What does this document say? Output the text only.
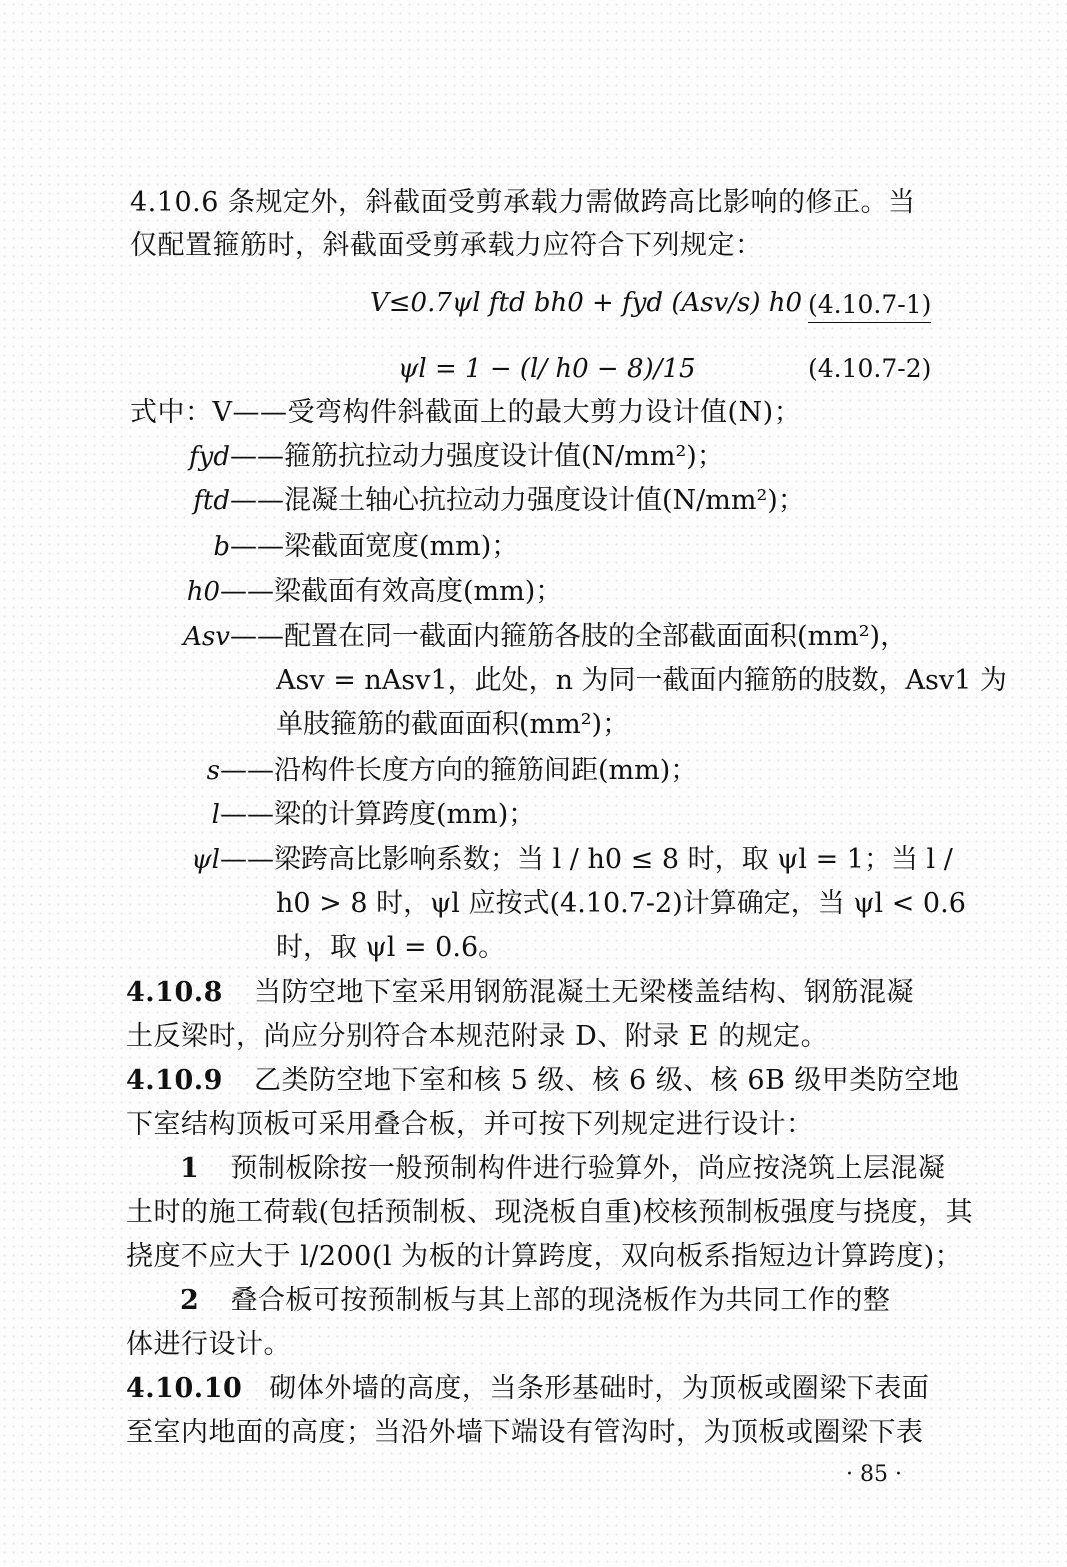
4.10.6 条规定外，斜截面受剪承载力需做跨高比影响的修正。当
仅配置箍筋时，斜截面受剪承载力应符合下列规定：
V≤0.7ψl ftd bh0 + fyd (Asv/s) h0 (4.10.7-1)
ψl = 1 − (l/ h0 − 8)/15	(4.10.7-2)
式中：V——受弯构件斜截面上的最大剪力设计值(N)；
fyd ——箍筋抗拉动力强度设计值(N/mm²)；
ftd ——混凝土轴心抗拉动力强度设计值(N/mm²)；
b ——梁截面宽度(mm)；
h0 ——梁截面有效高度(mm)；
Asv ——配置在同一截面内箍筋各肢的全部截面面积(mm²)，
Asv = nAsv1，此处，n 为同一截面内箍筋的肢数，Asv1 为
单肢箍筋的截面面积(mm²)；
s ——沿构件长度方向的箍筋间距(mm)；
l ——梁的计算跨度(mm)；
ψl ——梁跨高比影响系数；当 l / h0 ≤ 8 时，取 ψl = 1；当 l /
h0 > 8 时，ψl 应按式(4.10.7-2)计算确定，当 ψl < 0.6
时，取 ψl = 0.6。
4.10.8 当防空地下室采用钢筋混凝土无梁楼盖结构、钢筋混凝
土反梁时，尚应分别符合本规范附录 D、附录 E 的规定。
4.10.9 乙类防空地下室和核 5 级、核 6 级、核 6B 级甲类防空地
下室结构顶板可采用叠合板，并可按下列规定进行设计：
1 预制板除按一般预制构件进行验算外，尚应按浇筑上层混凝
土时的施工荷载(包括预制板、现浇板自重)校核预制板强度与挠度，其
挠度不应大于 l/200(l 为板的计算跨度，双向板系指短边计算跨度)；
2 叠合板可按预制板与其上部的现浇板作为共同工作的整
体进行设计。
4.10.10 砌体外墙的高度，当条形基础时，为顶板或圈梁下表面
至室内地面的高度；当沿外墙下端设有管沟时，为顶板或圈梁下表
· 85 ·
